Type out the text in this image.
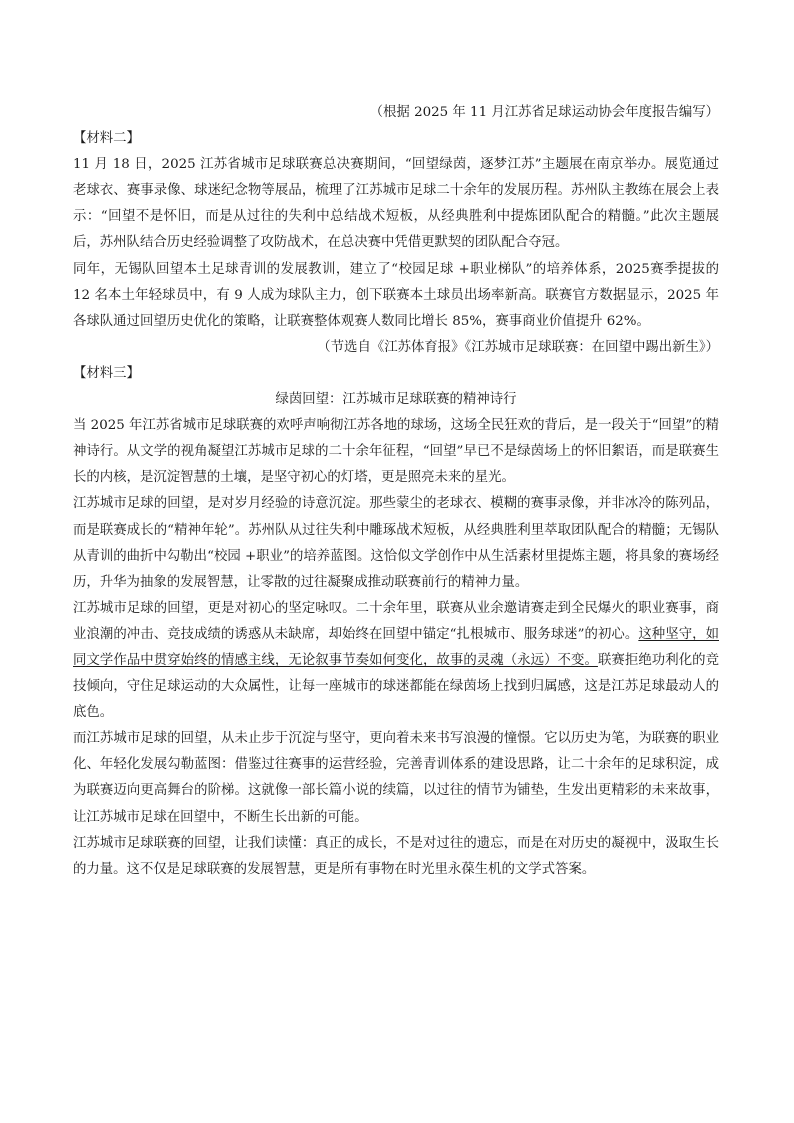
（根据 2025 年 11 月江苏省足球运动协会年度报告编写）
【材料二】

11 月 18 日，2025 江苏省城市足球联赛总决赛期间，“回望绿茵，逐梦江苏”主题展在南京举办。展览通过老球衣、赛事录像、球迷纪念物等展品，梳理了江苏城市足球二十余年的发展历程。苏州队主教练在展会上表示：“回望不是怀旧，而是从过往的失利中总结战术短板，从经典胜利中提炼团队配合的精髓。”此次主题展后，苏州队结合历史经验调整了攻防战术，在总决赛中凭借更默契的团队配合夺冠。

同年，无锡队回望本土足球青训的发展教训，建立了“校园足球 +职业梯队”的培养体系，2025赛季提拔的 12 名本土年轻球员中，有 9 人成为球队主力，创下联赛本土球员出场率新高。联赛官方数据显示，2025 年各球队通过回望历史优化的策略，让联赛整体观赛人数同比增长 85%，赛事商业价值提升 62%。

（节选自《江苏体育报》《江苏城市足球联赛：在回望中踢出新生》）
【材料三】
绿茵回望：江苏城市足球联赛的精神诗行

当 2025 年江苏省城市足球联赛的欢呼声响彻江苏各地的球场，这场全民狂欢的背后，是一段关于“回望”的精神诗行。从文学的视角凝望江苏城市足球的二十余年征程，“回望”早已不是绿茵场上的怀旧絮语，而是联赛生长的内核，是沉淀智慧的土壤，是坚守初心的灯塔，更是照亮未来的星光。

江苏城市足球的回望，是对岁月经验的诗意沉淀。那些蒙尘的老球衣、模糊的赛事录像，并非冰冷的陈列品，而是联赛成长的“精神年轮”。苏州队从过往失利中雕琢战术短板，从经典胜利里萃取团队配合的精髓；无锡队从青训的曲折中勾勒出“校园 +职业”的培养蓝图。这恰似文学创作中从生活素材里提炼主题，将具象的赛场经历，升华为抽象的发展智慧，让零散的过往凝聚成推动联赛前行的精神力量。

江苏城市足球的回望，更是对初心的坚定咏叹。二十余年里，联赛从业余邀请赛走到全民爆火的职业赛事，商业浪潮的冲击、竞技成绩的诱惑从未缺席，却始终在回望中锚定“扎根城市、服务球迷”的初心。这种坚守，如同文学作品中贯穿始终的情感主线，无论叙事节奏如何变化，故事的灵魂（永远）不变。联赛拒绝功利化的竞技倾向，守住足球运动的大众属性，让每一座城市的球迷都能在绿茵场上找到归属感，这是江苏足球最动人的底色。

而江苏城市足球的回望，从未止步于沉淀与坚守，更向着未来书写浪漫的憧憬。它以历史为笔，为联赛的职业化、年轻化发展勾勒蓝图：借鉴过往赛事的运营经验，完善青训体系的建设思路，让二十余年的足球积淀，成为联赛迈向更高舞台的阶梯。这就像一部长篇小说的续篇，以过往的情节为铺垫，生发出更精彩的未来故事，让江苏城市足球在回望中，不断生长出新的可能。

江苏城市足球联赛的回望，让我们读懂：真正的成长，不是对过往的遗忘，而是在对历史的凝视中，汲取生长的力量。这不仅是足球联赛的发展智慧，更是所有事物在时光里永葆生机的文学式答案。
